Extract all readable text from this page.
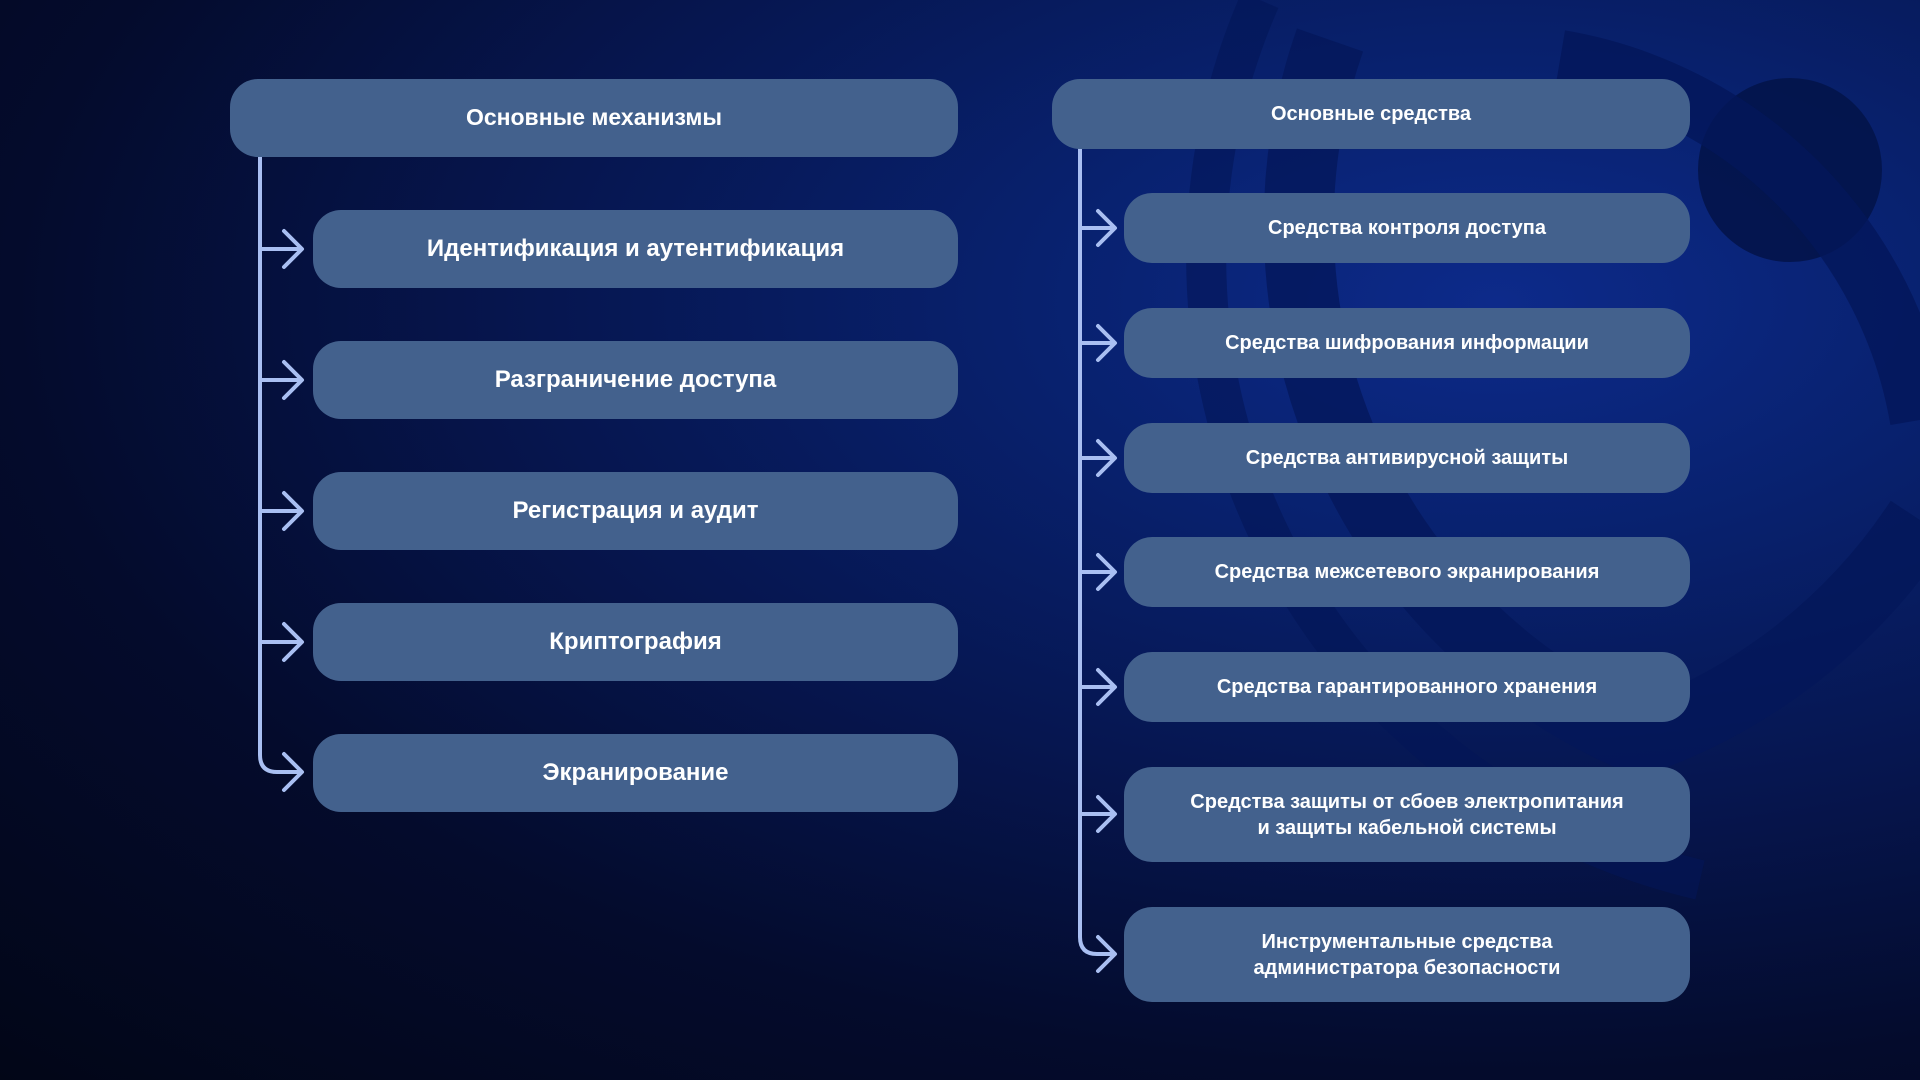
Основные механизмы
Идентификация и аутентификация
Разграничение доступа
Регистрация и аудит
Криптография
Экранирование
Основные средства
Средства контроля доступа
Средства шифрования информации
Средства антивирусной защиты
Средства межсетевого экранирования
Средства гарантированного хранения
Средства защиты от сбоев электропитания
и защиты кабельной системы
Инструментальные средства
администратора безопасности
